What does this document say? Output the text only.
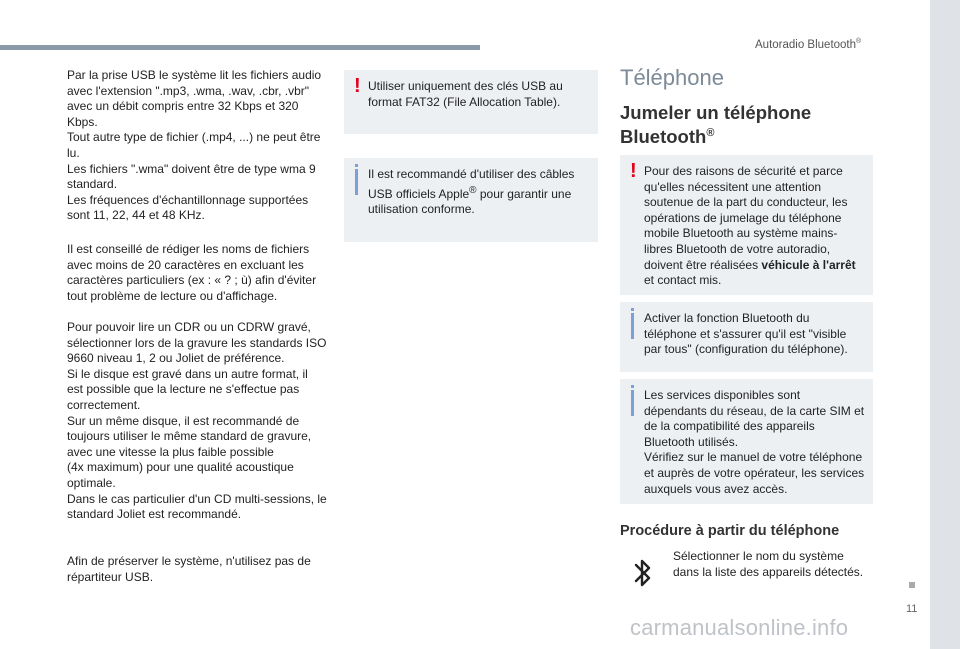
Autoradio Bluetooth®

Par la prise USB le système lit les fichiers audio avec l'extension ".mp3, .wma, .wav, .cbr, .vbr" avec un débit compris entre 32 Kbps et 320 Kbps.
Tout autre type de fichier (.mp4, ...) ne peut être lu.
Les fichiers ".wma" doivent être de type wma 9 standard.
Les fréquences d'échantillonnage supportées sont 11, 22, 44 et 48 KHz.

Il est conseillé de rédiger les noms de fichiers avec moins de 20 caractères en excluant les caractères particuliers (ex : « ? ; ù) afin d'éviter tout problème de lecture ou d'affichage.

Pour pouvoir lire un CDR ou un CDRW gravé, sélectionner lors de la gravure les standards ISO 9660 niveau 1, 2 ou Joliet de préférence.
Si le disque est gravé dans un autre format, il est possible que la lecture ne s'effectue pas correctement.
Sur un même disque, il est recommandé de toujours utiliser le même standard de gravure, avec une vitesse la plus faible possible
(4x maximum) pour une qualité acoustique optimale.
Dans le cas particulier d'un CD multi-sessions, le standard Joliet est recommandé.

Afin de préserver le système, n'utilisez pas de répartiteur USB.

! Utiliser uniquement des clés USB au format FAT32 (File Allocation Table).

Il est recommandé d'utiliser des câbles USB officiels Apple® pour garantir une utilisation conforme.

Téléphone
Jumeler un téléphone Bluetooth®
! Pour des raisons de sécurité et parce qu'elles nécessitent une attention soutenue de la part du conducteur, les opérations de jumelage du téléphone mobile Bluetooth au système mains-libres Bluetooth de votre autoradio, doivent être réalisées véhicule à l'arrêt et contact mis.

Activer la fonction Bluetooth du téléphone et s'assurer qu'il est "visible par tous" (configuration du téléphone).

Les services disponibles sont dépendants du réseau, de la carte SIM et de la compatibilité des appareils Bluetooth utilisés.
Vérifiez sur le manuel de votre téléphone et auprès de votre opérateur, les services auxquels vous avez accès.

Procédure à partir du téléphone

Sélectionner le nom du système dans la liste des appareils détectés.

11
carmanualsonline.info
